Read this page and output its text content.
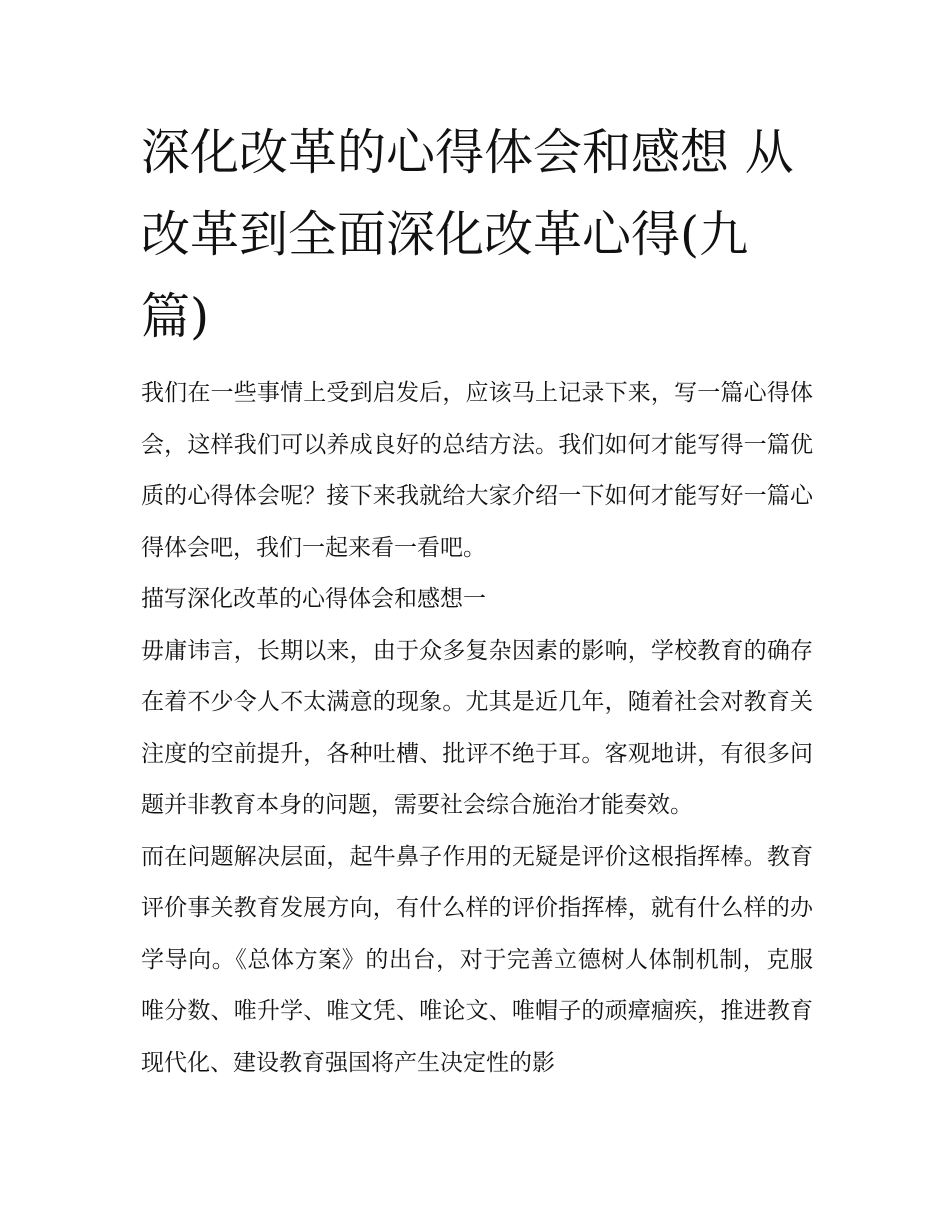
深化改革的心得体会和感想 从改革到全面深化改革心得(九篇)

我们在一些事情上受到启发后，应该马上记录下来，写一篇心得体会，这样我们可以养成良好的总结方法。我们如何才能写得一篇优质的心得体会呢？接下来我就给大家介绍一下如何才能写好一篇心得体会吧，我们一起来看一看吧。

描写深化改革的心得体会和感想一

毋庸讳言，长期以来，由于众多复杂因素的影响，学校教育的确存在着不少令人不太满意的现象。尤其是近几年，随着社会对教育关注度的空前提升，各种吐槽、批评不绝于耳。客观地讲，有很多问题并非教育本身的问题，需要社会综合施治才能奏效。

而在问题解决层面，起牛鼻子作用的无疑是评价这根指挥棒。教育评价事关教育发展方向，有什么样的评价指挥棒，就有什么样的办学导向。《总体方案》的出台，对于完善立德树人体制机制，克服唯分数、唯升学、唯文凭、唯论文、唯帽子的顽瘴痼疾，推进教育现代化、建设教育强国将产生决定性的影
